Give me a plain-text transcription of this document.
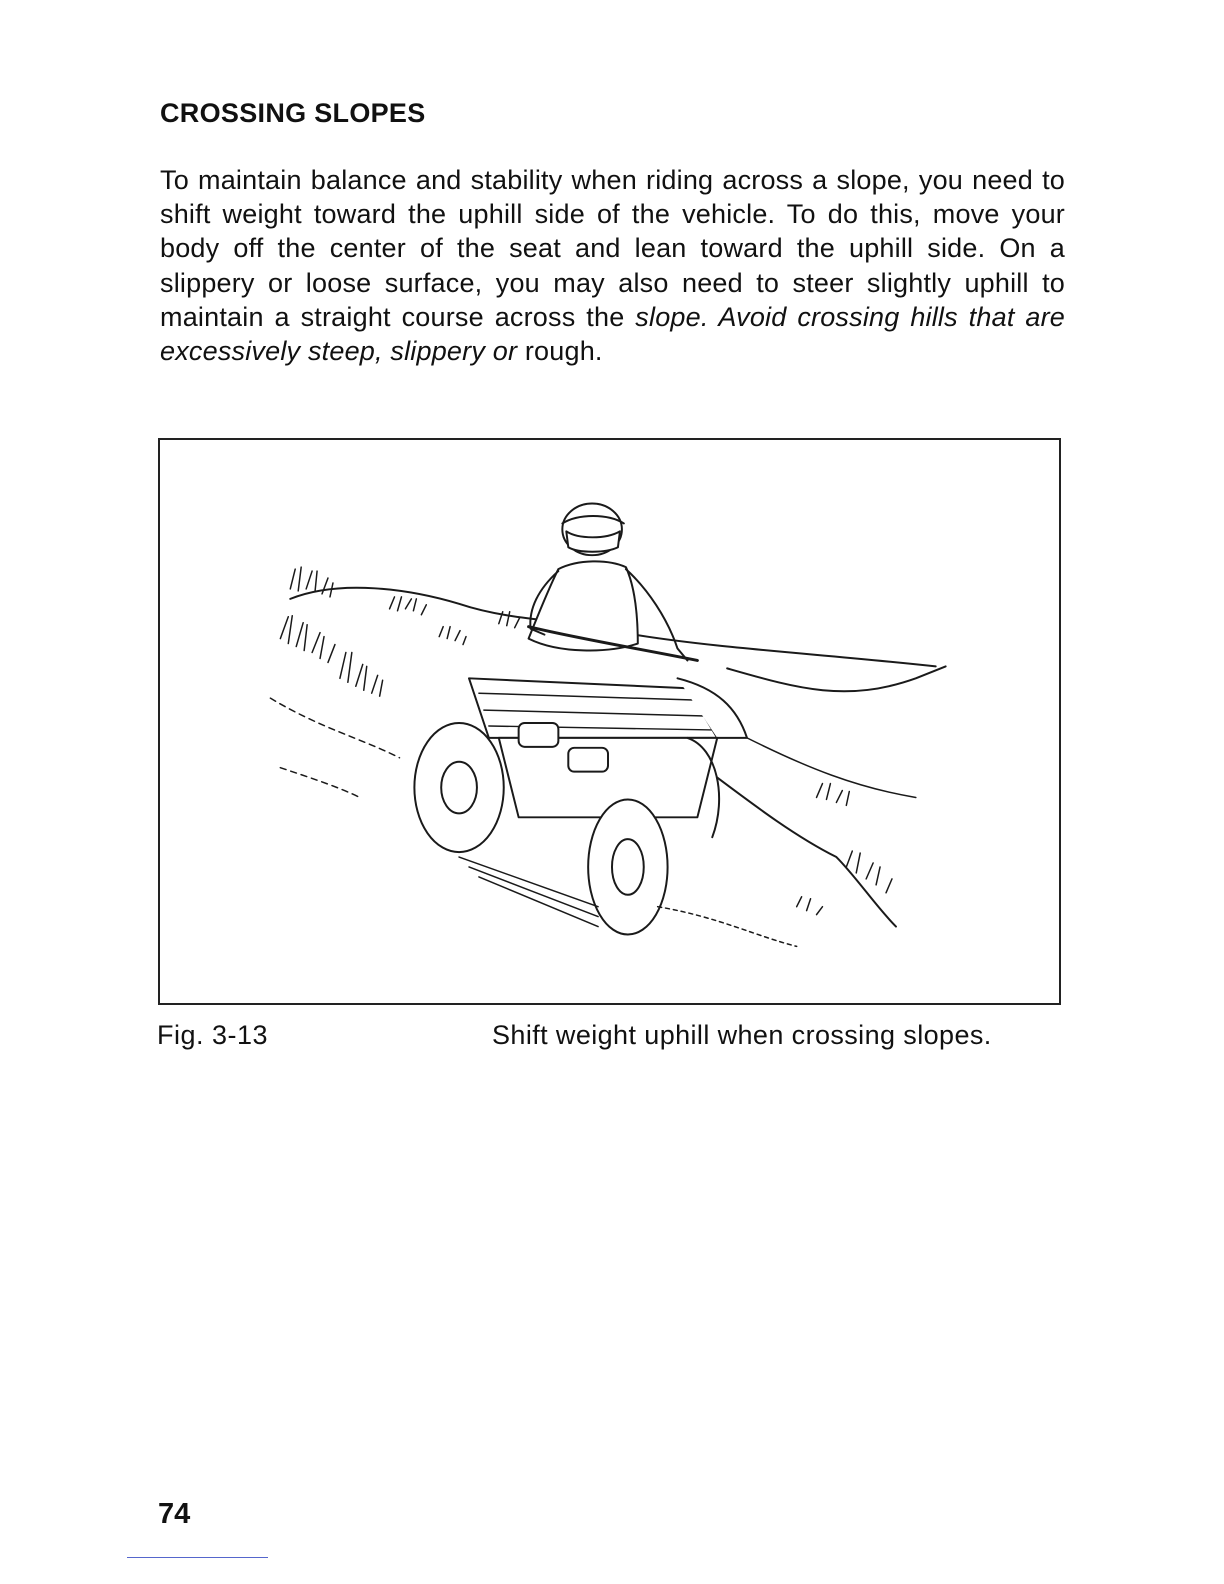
CROSSING SLOPES

To maintain balance and stability when riding across a slope, you need to shift weight toward the uphill side of the vehicle. To do this, move your body off the center of the seat and lean toward the uphill side. On a slippery or loose surface, you may also need to steer slightly uphill to maintain a straight course across the slope. Avoid crossing hills that are excessively steep, slippery or rough.

Fig. 3-13	Shift weight uphill when crossing slopes.
74
